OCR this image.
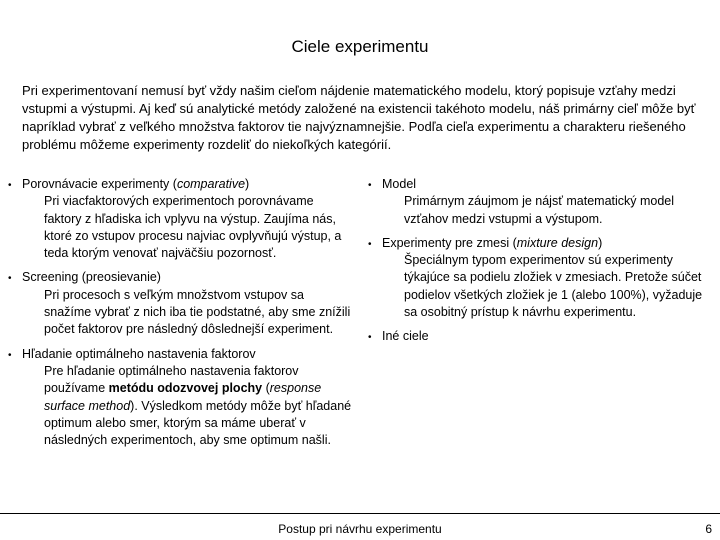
Ciele experimentu
Pri experimentovaní nemusí byť vždy našim cieľom nájdenie matematického modelu, ktorý popisuje vzťahy medzi vstupmi a výstupmi. Aj keď sú analytické metódy založené na existencii takéhoto modelu, náš primárny cieľ môže byť napríklad vybrať z veľkého množstva faktorov tie najvýznamnejšie. Podľa cieľa experimentu a charakteru riešeného problému môžeme experimenty rozdeliť do niekoľkých kategórií.
• Porovnávacie experimenty (comparative)
Pri viacfaktorových experimentoch porovnávame faktory z hľadiska ich vplyvu na výstup. Zaujíma nás, ktoré zo vstupov procesu najviac ovplyvňujú výstup, a teda ktorým venovať najväčšiu pozornosť.
• Screening (preosievanie)
Pri procesoch s veľkým množstvom vstupov sa snažíme vybrať z nich iba tie podstatné, aby sme znížili počet faktorov pre následný dôslednejší experiment.
• Hľadanie optimálneho nastavenia faktorov
Pre hľadanie optimálneho nastavenia faktorov používame metódu odozvovej plochy (response surface method). Výsledkom metódy môže byť hľadané optimum alebo smer, ktorým sa máme uberať v následných experimentoch, aby sme optimum našli.
• Model
Primárnym záujmom je nájsť matematický model vzťahov medzi vstupmi a výstupom.
• Experimenty pre zmesi (mixture design)
Špeciálnym typom experimentov sú experimenty týkajúce sa podielu zložiek v zmesiach. Pretože súčet podielov všetkých zložiek je 1 (alebo 100%), vyžaduje sa osobitný prístup k návrhu experimentu.
• Iné ciele
Postup pri návrhu experimentu	6
